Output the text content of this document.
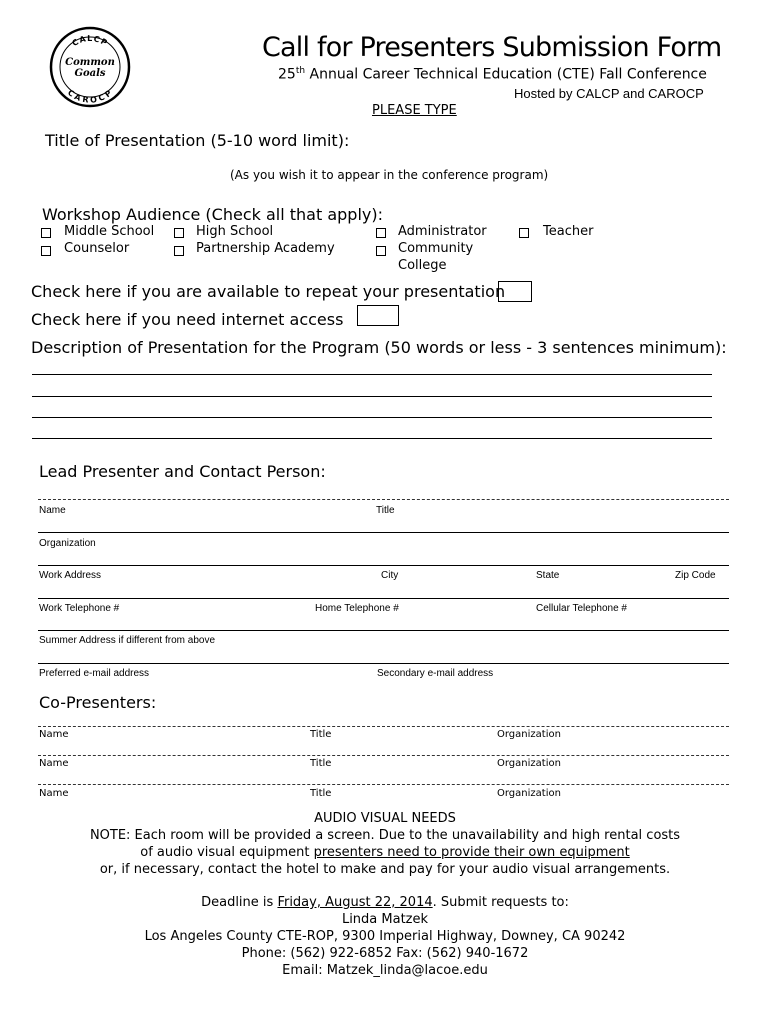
CALCP
CAROCP
Common
Goals
Call for Presenters Submission Form
25th Annual Career Technical Education (CTE) Fall Conference
Hosted by CALCP and CAROCP
PLEASE TYPE
Title of Presentation (5-10 word limit):
(As you wish it to appear in the conference program)
Workshop Audience (Check all that apply):
Middle School	High School	Administrator	Teacher
Counselor	Partnership Academy	Community
College
Check here if you are available to repeat your presentation
Check here if you need internet access
Description of Presentation for the Program (50 words or less - 3 sentences minimum):
Lead Presenter and Contact Person:
Name	Title
Organization
Work Address	City	State	Zip Code
Work Telephone #	Home Telephone #	Cellular Telephone #
Summer Address if different from above
Preferred e-mail address	Secondary e-mail address
Co-Presenters:
Name	Title	Organization
Name	Title	Organization
Name	Title	Organization
AUDIO VISUAL NEEDS
NOTE: Each room will be provided a screen. Due to the unavailability and high rental costs
of audio visual equipment presenters need to provide their own equipment
or, if necessary, contact the hotel to make and pay for your audio visual arrangements.
Deadline is Friday, August 22, 2014. Submit requests to:
Linda Matzek
Los Angeles County CTE-ROP, 9300 Imperial Highway, Downey, CA 90242
Phone: (562) 922-6852 Fax: (562) 940-1672
Email: Matzek_linda@lacoe.edu
